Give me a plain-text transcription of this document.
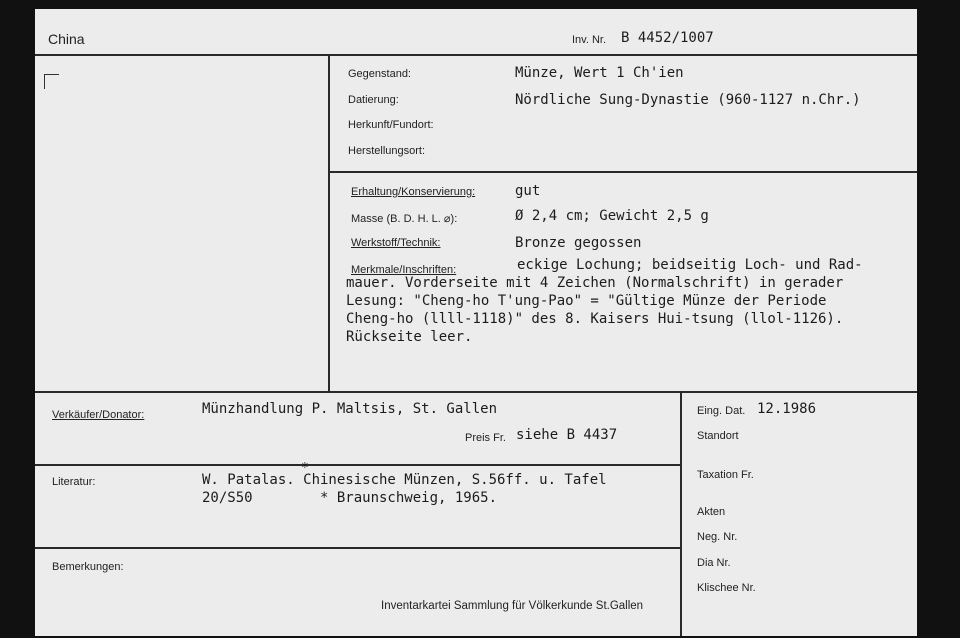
China	Inv. Nr. B 4452/1007
Gegenstand:	Münze, Wert 1 Ch'ien
Datierung:	Nördliche Sung-Dynastie (960-1127 n.Chr.)
Herkunft/Fundort:
Herstellungsort:
Erhaltung/Konservierung:	gut
Masse (B. D. H. L. ⌀):	Ø 2,4 cm; Gewicht 2,5 g
Werkstoff/Technik:	Bronze gegossen
Merkmale/Inschriften:	eckige Lochung; beidseitig Loch- und Rad-
mauer. Vorderseite mit 4 Zeichen (Normalschrift) in gerader
Lesung: "Cheng-ho T'ung-Pao" = "Gültige Münze der Periode
Cheng-ho (llll-1118)" des 8. Kaisers Hui-tsung (llol-1126).
Rückseite leer.
Verkäufer/Donator:	Münzhandlung P. Maltsis, St. Gallen
Preis Fr. siehe B 4437
Eing. Dat. 12.1986
Standort
Taxation Fr.
Literatur:
*
W. Patalas. Chinesische Münzen, S.56ff. u. Tafel
20/S50        * Braunschweig, 1965.
Akten
Neg. Nr.
Dia Nr.
Klischee Nr.
Bemerkungen:
Inventarkartei Sammlung für Völkerkunde St.Gallen
